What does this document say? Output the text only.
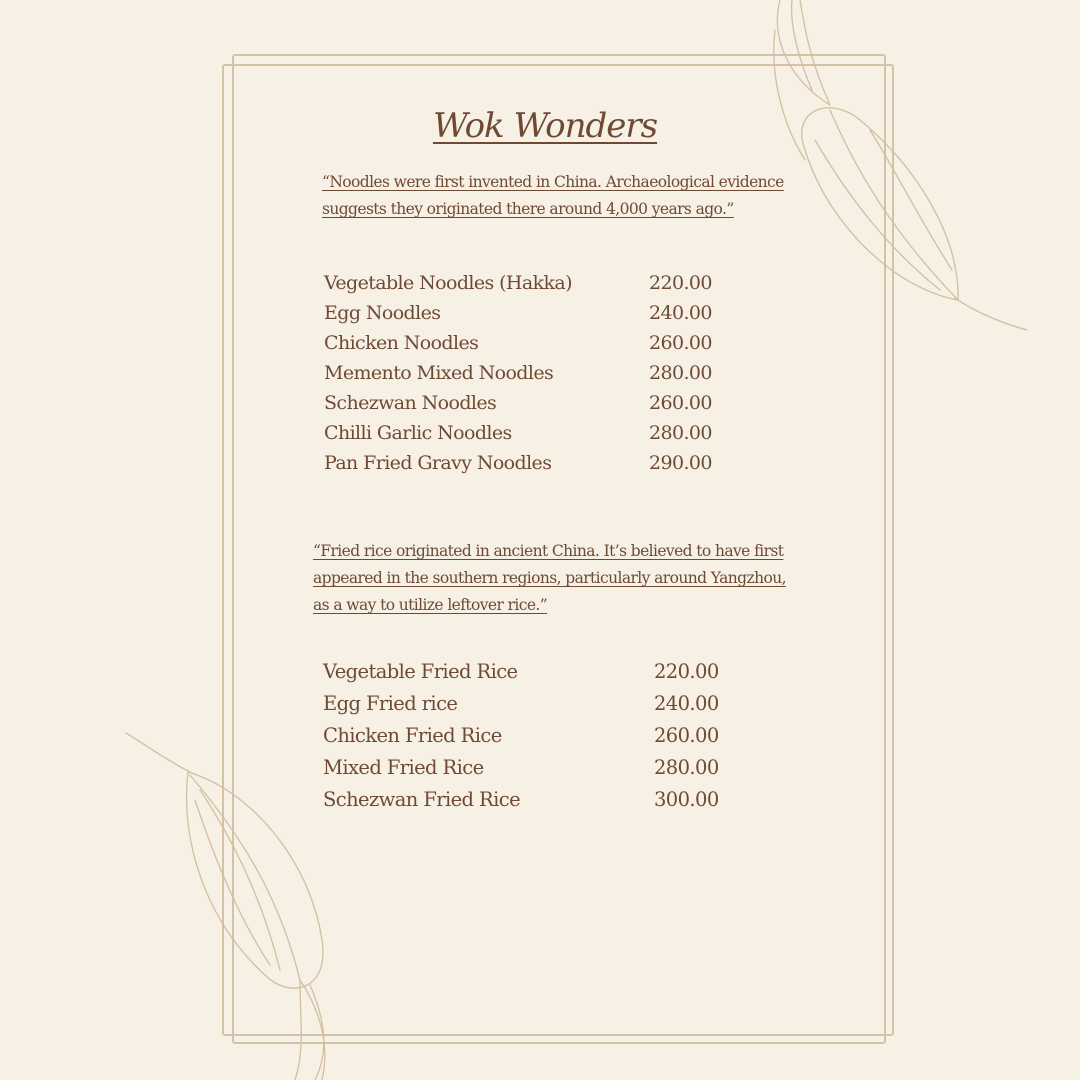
Wok Wonders

“Noodles were first invented in China. Archaeological evidence suggests they originated there around 4,000 years ago.”

Vegetable Noodles (Hakka)	220.00
Egg Noodles	240.00
Chicken Noodles	260.00
Memento Mixed Noodles	280.00
Schezwan Noodles	260.00
Chilli Garlic Noodles	280.00
Pan Fried Gravy Noodles	290.00

“Fried rice originated in ancient China. It’s believed to have first appeared in the southern regions, particularly around Yangzhou, as a way to utilize leftover rice.”

Vegetable Fried Rice	220.00
Egg Fried rice	240.00
Chicken Fried Rice	260.00
Mixed Fried Rice	280.00
Schezwan Fried Rice	300.00
